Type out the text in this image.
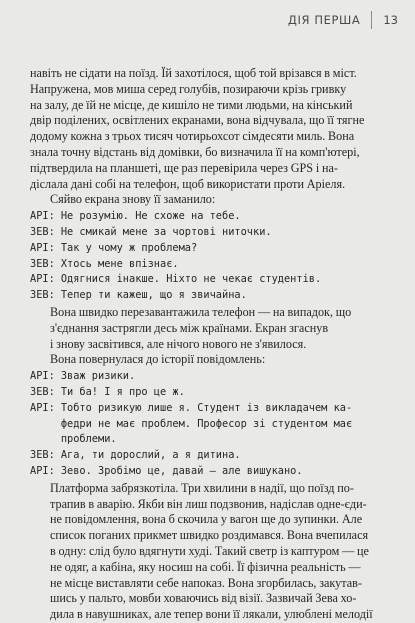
ДІЯ ПЕРША 13

навіть не сідати на поїзд. Їй захотілося, щоб той врізався в міст.
Напружена, мов миша серед голубів, позираючи крізь гривку
на залу, де їй не місце, де кишіло не тими людьми, на кінський
двір поділених, освітлених екранами, вона відчувала, що її тягне
додому кожна з трьох тисяч чотирьохсот сімдесяти миль. Вона
знала точну відстань від домівки, бо визначила її на комп'ютері,
підтвердила на планшеті, ще раз перевірила через GPS і на-
діслала дані собі на телефон, щоб використати проти Аріеля.

Сяйво екрана знову її заманило:

АРІ: Не розумію. Не схоже на тебе.
ЗЕВ: Не смикай мене за чортові ниточки.
АРІ: Так у чому ж проблема?
ЗЕВ: Хтось мене впізнає.
АРІ: Одягнися інакше. Ніхто не чекає студентів.
ЗЕВ: Тепер ти кажеш, що я звичайна.

Вона швидко перезавантажила телефон — на випадок, що
з'єднання застрягли десь між країнами. Екран згаснув
і знову засвітився, але нічого нового не з'явилося.

Вона повернулася до історії повідомлень:

АРІ: Зваж ризики.
ЗЕВ: Ти ба! І я про це ж.
АРІ: Тобто ризикую лише я. Студент із викладачем ка-
федри не має проблем. Професор зі студентом має
проблеми.
ЗЕВ: Ага, ти дорослий, а я дитина.
АРІ: Зево. Зробімо це, давай — але вишукано.

Платформа забрязкотіла. Три хвилини в надії, що поїзд по-
трапив в аварію. Якби він лиш подзвонив, надіслав одне-єди-
не повідомлення, вона б скочила у вагон ще до зупинки. Але
список поганих прикмет швидко роздимався. Вона вчепилася
в одну: слід було вдягнути худі. Такий светр із каптуром — це
не одяг, а кабіна, яку носиш на собі. Її фізична реальність —
не місце виставляти себе напоказ. Вона згорбилась, закутав-
шись у пальто, мовби ховаючись від візії. Зазвичай Зева хо-
дила в навушниках, але тепер вони її лякали, улюблені мелодії
